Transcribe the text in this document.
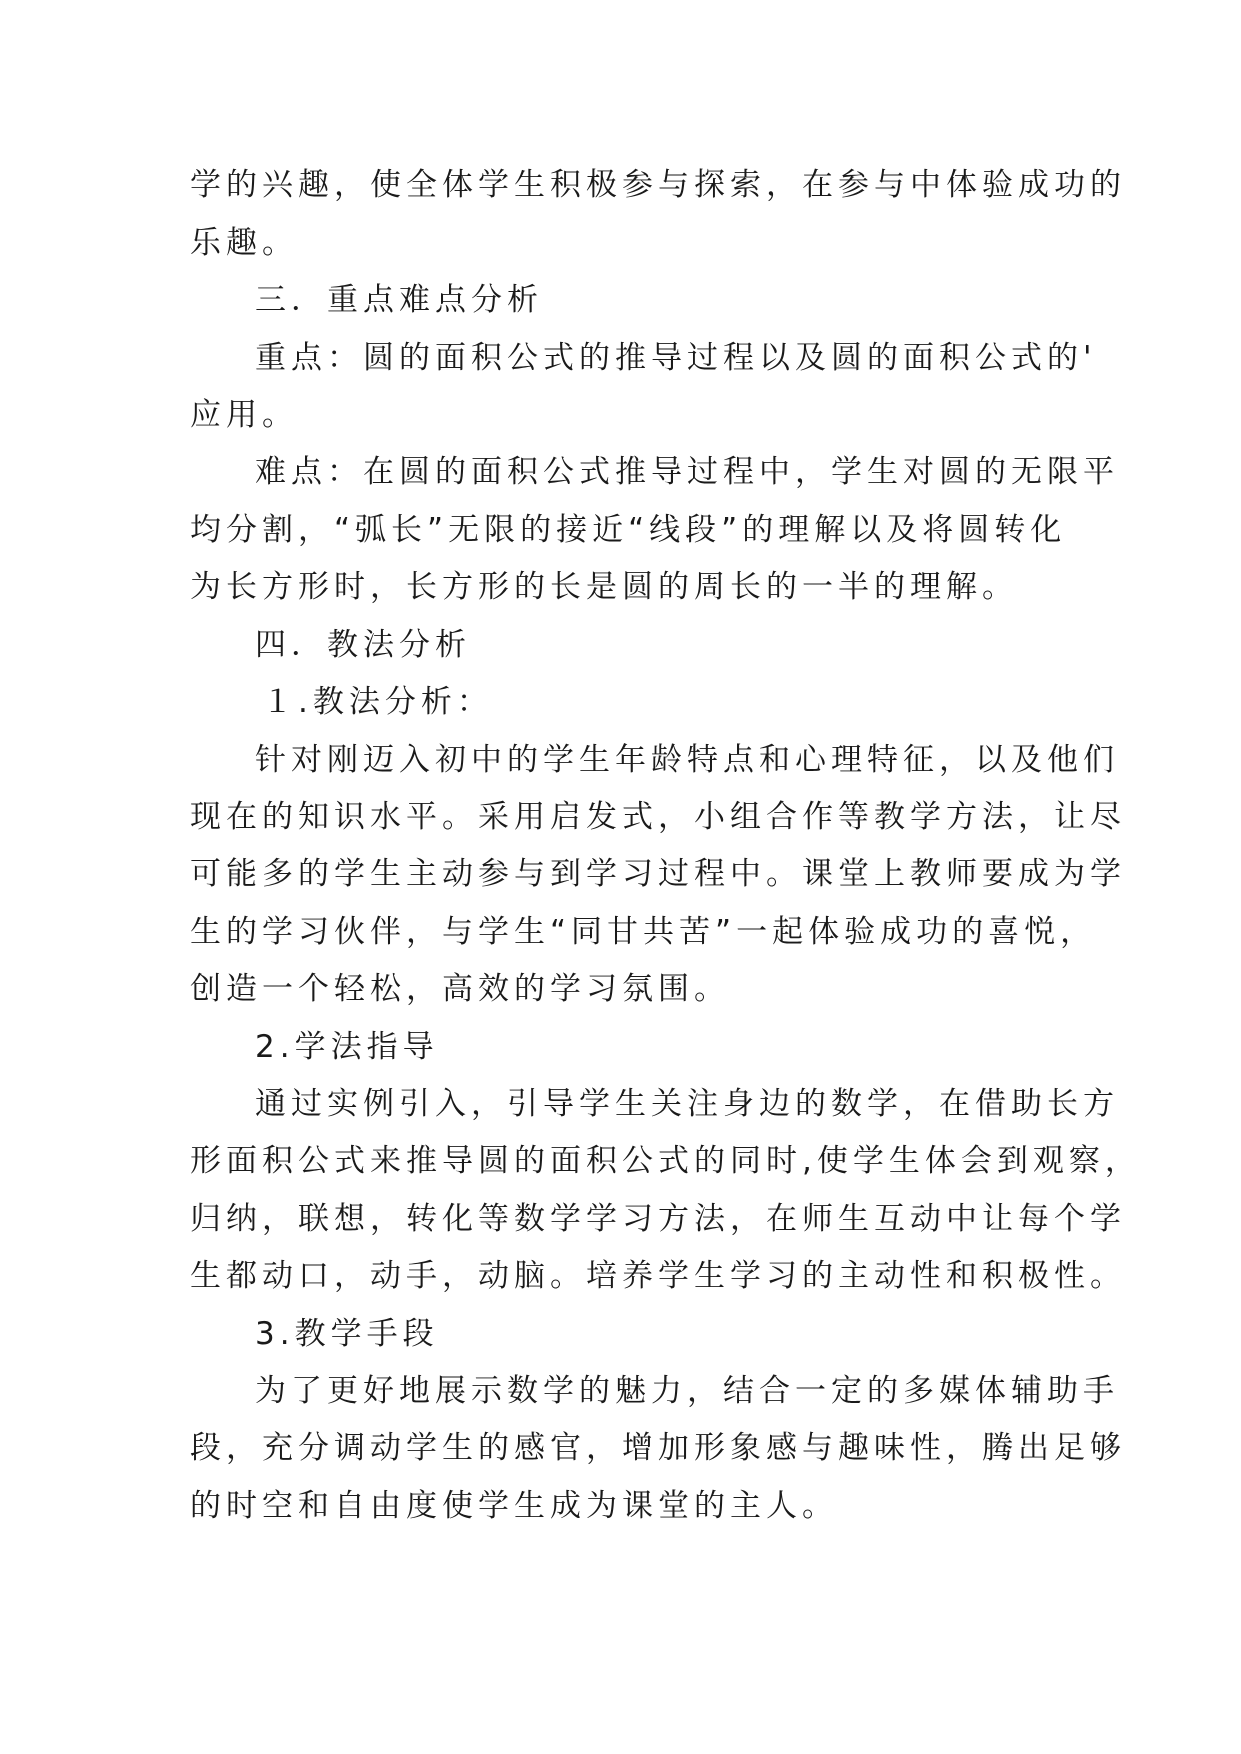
学的兴趣，使全体学生积极参与探索，在参与中体验成功的
乐趣。
三．重点难点分析
重点：圆的面积公式的推导过程以及圆的面积公式的'
应用。
难点：在圆的面积公式推导过程中，学生对圆的无限平
均分割，“弧长”无限的接近“线段”的理解以及将圆转化
为长方形时，长方形的长是圆的周长的一半的理解。
四．教法分析
１.教法分析：
针对刚迈入初中的学生年龄特点和心理特征，以及他们
现在的知识水平。采用启发式，小组合作等教学方法，让尽
可能多的学生主动参与到学习过程中。课堂上教师要成为学
生的学习伙伴，与学生“同甘共苦”一起体验成功的喜悦，
创造一个轻松，高效的学习氛围。
2.学法指导
通过实例引入，引导学生关注身边的数学，在借助长方
形面积公式来推导圆的面积公式的同时,使学生体会到观察，
归纳，联想，转化等数学学习方法，在师生互动中让每个学
生都动口，动手，动脑。培养学生学习的主动性和积极性。
3.教学手段
为了更好地展示数学的魅力，结合一定的多媒体辅助手
段，充分调动学生的感官，增加形象感与趣味性，腾出足够
的时空和自由度使学生成为课堂的主人。
